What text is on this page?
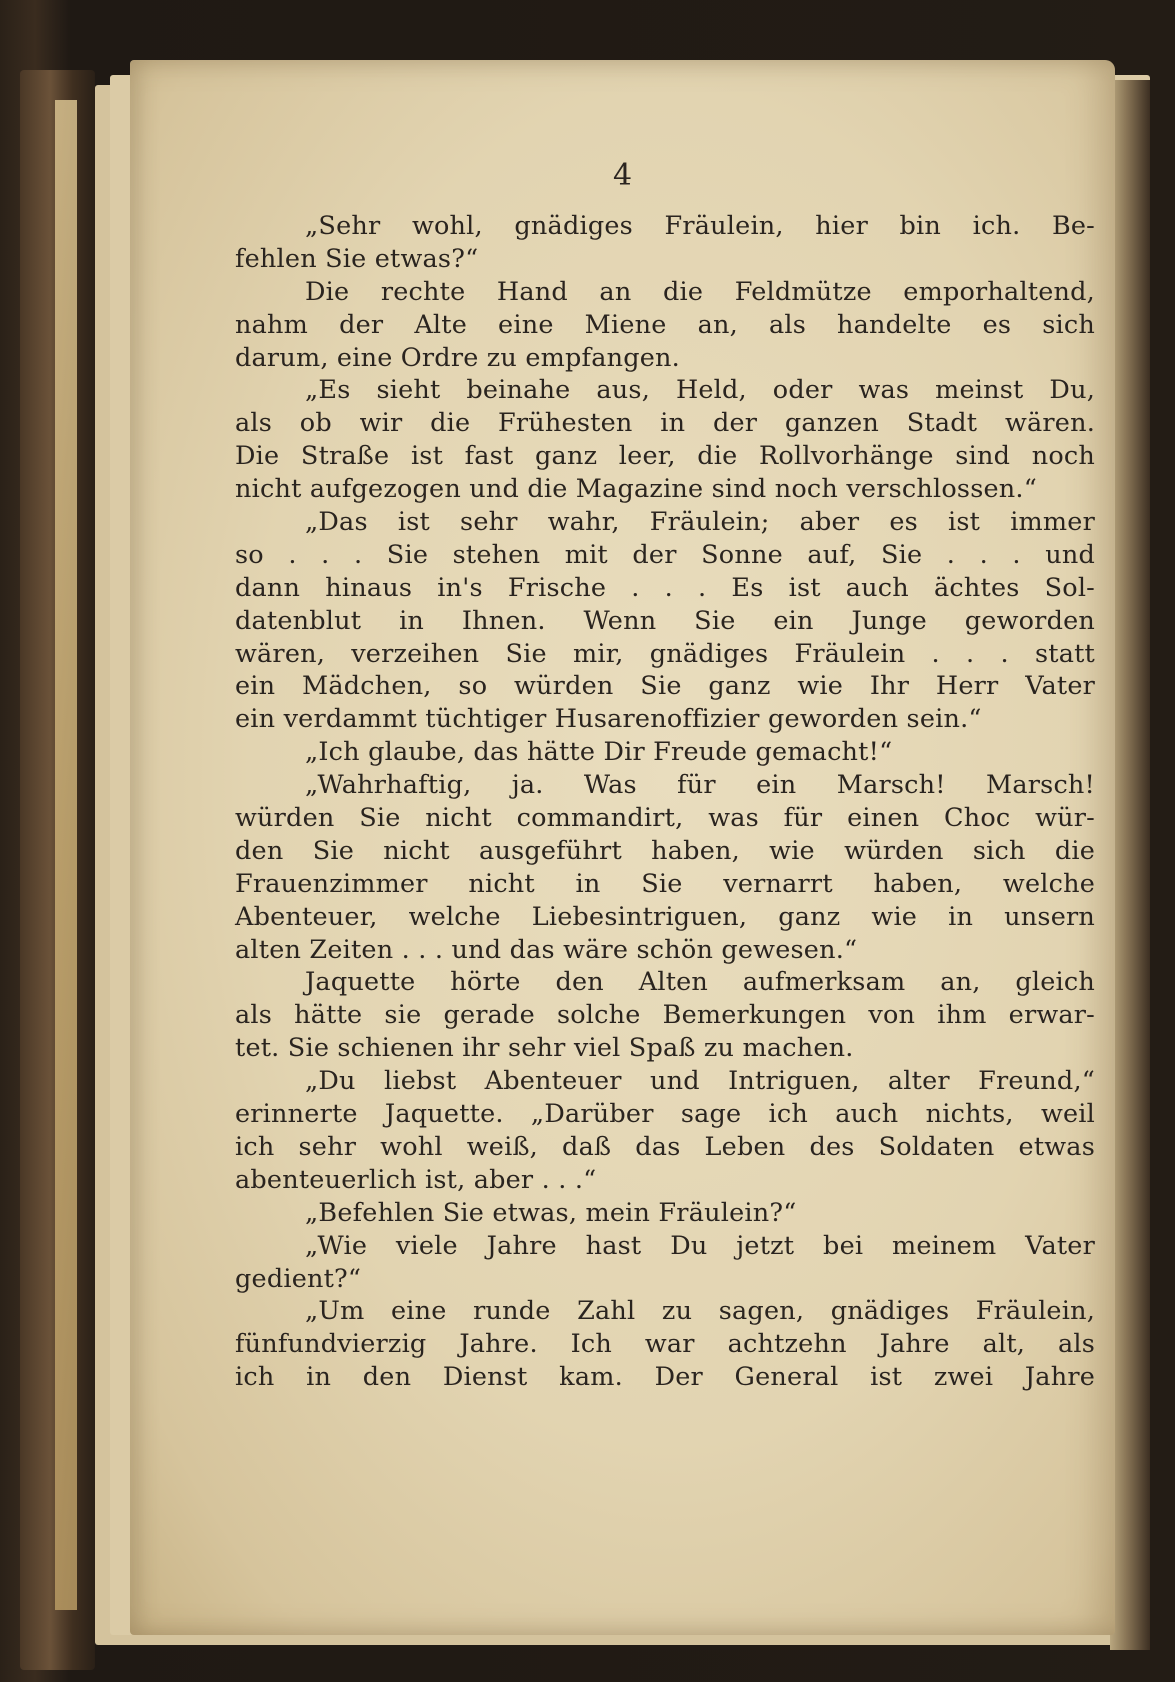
4
„Sehr wohl, gnädiges Fräulein, hier bin ich. Be-
fehlen Sie etwas?“
Die rechte Hand an die Feldmütze emporhaltend,
nahm der Alte eine Miene an, als handelte es sich
darum, eine Ordre zu empfangen.
„Es sieht beinahe aus, Held, oder was meinst Du,
als ob wir die Frühesten in der ganzen Stadt wären.
Die Straße ist fast ganz leer, die Rollvorhänge sind noch
nicht aufgezogen und die Magazine sind noch verschlossen.“
„Das ist sehr wahr, Fräulein; aber es ist immer
so . . . Sie stehen mit der Sonne auf, Sie . . . und
dann hinaus in's Frische . . . Es ist auch ächtes Sol-
datenblut in Ihnen. Wenn Sie ein Junge geworden
wären, verzeihen Sie mir, gnädiges Fräulein . . . statt
ein Mädchen, so würden Sie ganz wie Ihr Herr Vater
ein verdammt tüchtiger Husarenoffizier geworden sein.“
„Ich glaube, das hätte Dir Freude gemacht!“
„Wahrhaftig, ja. Was für ein Marsch! Marsch!
würden Sie nicht commandirt, was für einen Choc wür-
den Sie nicht ausgeführt haben, wie würden sich die
Frauenzimmer nicht in Sie vernarrt haben, welche
Abenteuer, welche Liebesintriguen, ganz wie in unsern
alten Zeiten . . . und das wäre schön gewesen.“
Jaquette hörte den Alten aufmerksam an, gleich
als hätte sie gerade solche Bemerkungen von ihm erwar-
tet. Sie schienen ihr sehr viel Spaß zu machen.
„Du liebst Abenteuer und Intriguen, alter Freund,“
erinnerte Jaquette. „Darüber sage ich auch nichts, weil
ich sehr wohl weiß, daß das Leben des Soldaten etwas
abenteuerlich ist, aber . . .“
„Befehlen Sie etwas, mein Fräulein?“
„Wie viele Jahre hast Du jetzt bei meinem Vater
gedient?“
„Um eine runde Zahl zu sagen, gnädiges Fräulein,
fünfundvierzig Jahre. Ich war achtzehn Jahre alt, als
ich in den Dienst kam. Der General ist zwei Jahre
